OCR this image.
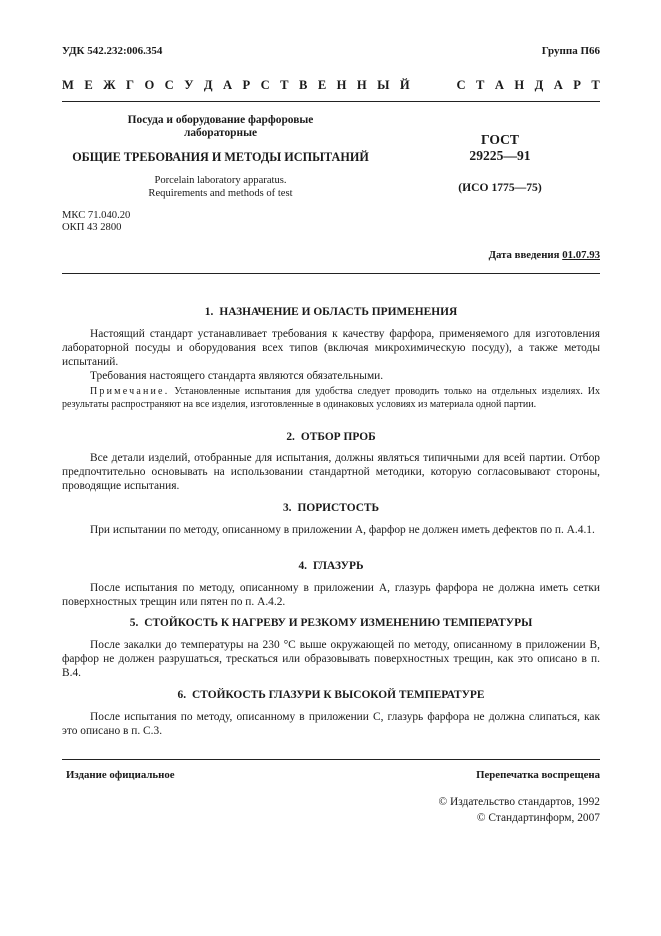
УДК 542.232:006.354	Группа П66
М Е Ж Г О С У Д А Р С Т В Е Н Н Ы Й	С Т А Н Д А Р Т
Посуда и оборудование фарфоровые
лабораторные
ОБЩИЕ ТРЕБОВАНИЯ И МЕТОДЫ ИСПЫТАНИЙ
Porcelain laboratory apparatus.
Requirements and methods of test
ГОСТ
29225—91
(ИСО 1775—75)
МКС 71.040.20
ОКП 43 2800
Дата введения 01.07.93
1. НАЗНАЧЕНИЕ И ОБЛАСТЬ ПРИМЕНЕНИЯ
Настоящий стандарт устанавливает требования к качеству фарфора, применяемого для изготовления лабораторной посуды и оборудования всех типов (включая микрохимическую посуду), а также методы испытаний.
Требования настоящего стандарта являются обязательными.
Примечание. Установленные испытания для удобства следует проводить только на отдельных изделиях. Их результаты распространяют на все изделия, изготовленные в одинаковых условиях из материала одной партии.
2. ОТБОР ПРОБ
Все детали изделий, отобранные для испытания, должны являться типичными для всей партии. Отбор предпочтительно основывать на использовании стандартной методики, которую согласовывают стороны, проводящие испытания.
3. ПОРИСТОСТЬ
При испытании по методу, описанному в приложении А, фарфор не должен иметь дефектов по п. А.4.1.
4. ГЛАЗУРЬ
После испытания по методу, описанному в приложении А, глазурь фарфора не должна иметь сетки поверхностных трещин или пятен по п. А.4.2.
5. СТОЙКОСТЬ К НАГРЕВУ И РЕЗКОМУ ИЗМЕНЕНИЮ ТЕМПЕРАТУРЫ
После закалки до температуры на 230 °С выше окружающей по методу, описанному в приложении В, фарфор не должен разрушаться, трескаться или образовывать поверхностных трещин, как это описано в п. В.4.
6. СТОЙКОСТЬ ГЛАЗУРИ К ВЫСОКОЙ ТЕМПЕРАТУРЕ
После испытания по методу, описанному в приложении С, глазурь фарфора не должна слипаться, как это описано в п. С.3.
Издание официальное	Перепечатка воспрещена
© Издательство стандартов, 1992
© Стандартинформ, 2007
